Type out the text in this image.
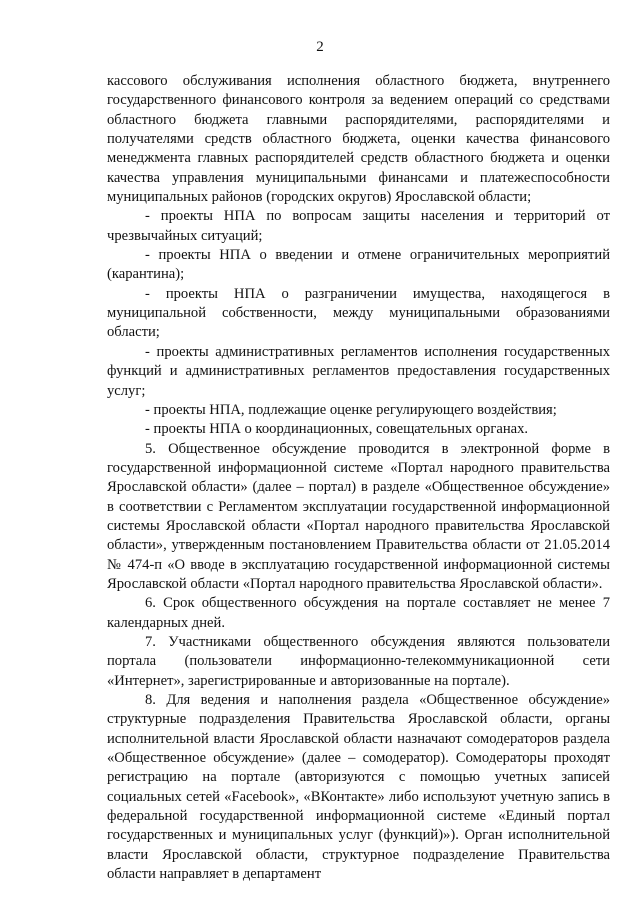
2

кассового обслуживания исполнения областного бюджета, внутреннего государственного финансового контроля за ведением операций со средствами областного бюджета главными распорядителями, распорядителями и получателями средств областного бюджета, оценки качества финансового менеджмента главных распорядителей средств областного бюджета и оценки качества управления муниципальными финансами и платежеспособности муниципальных районов (городских округов) Ярославской области;

- проекты НПА по вопросам защиты населения и территорий от чрезвычайных ситуаций;

- проекты НПА о введении и отмене ограничительных мероприятий (карантина);

- проекты НПА о разграничении имущества, находящегося в муниципальной собственности, между муниципальными образованиями области;

- проекты административных регламентов исполнения государственных функций и административных регламентов предоставления государственных услуг;

- проекты НПА, подлежащие оценке регулирующего воздействия;

- проекты НПА о координационных, совещательных органах.

5. Общественное обсуждение проводится в электронной форме в государственной информационной системе «Портал народного правительства Ярославской области» (далее – портал) в разделе «Общественное обсуждение» в соответствии с Регламентом эксплуатации государственной информационной системы Ярославской области «Портал народного правительства Ярославской области», утвержденным постановлением Правительства области от 21.05.2014 № 474-п «О вводе в эксплуатацию государственной информационной системы Ярославской области «Портал народного правительства Ярославской области».

6. Срок общественного обсуждения на портале составляет не менее 7 календарных дней.

7. Участниками общественного обсуждения являются пользователи портала (пользователи информационно-телекоммуникационной сети «Интернет», зарегистрированные и авторизованные на портале).

8. Для ведения и наполнения раздела «Общественное обсуждение» структурные подразделения Правительства Ярославской области, органы исполнительной власти Ярославской области назначают сомодераторов раздела «Общественное обсуждение» (далее – сомодератор). Сомодераторы проходят регистрацию на портале (авторизуются с помощью учетных записей социальных сетей «Facebook», «ВКонтакте» либо используют учетную запись в федеральной государственной информационной системе «Единый портал государственных и муниципальных услуг (функций)»). Орган исполнительной власти Ярославской области, структурное подразделение Правительства области направляет в департамент
